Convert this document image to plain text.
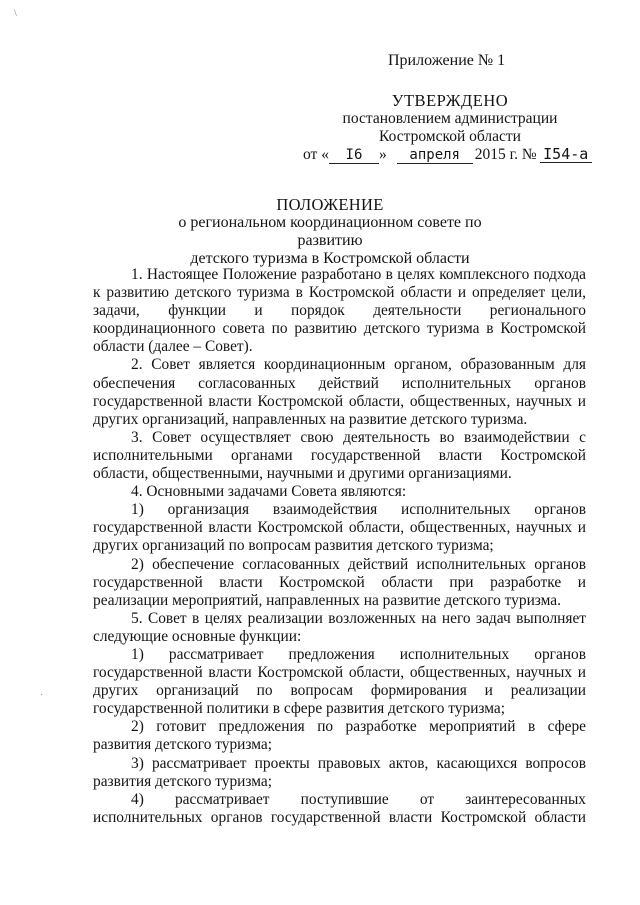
\
·
Приложение № 1
УТВЕРЖДЕНО
постановлением администрации
Костромской области
от « I6 » апреля 2015 г. № I54-а
ПОЛОЖЕНИЕ
о региональном координационном совете по развитию
детского туризма в Костромской области

1. Настоящее Положение разработано в целях комплексного подхода к развитию детского туризма в Костромской области и определяет цели, задачи, функции и порядок деятельности регионального координационного совета по развитию детского туризма в Костромской области (далее – Совет).

2. Совет является координационным органом, образованным для обеспечения согласованных действий исполнительных органов государственной власти Костромской области, общественных, научных и других организаций, направленных на развитие детского туризма.

3. Совет осуществляет свою деятельность во взаимодействии с исполнительными органами государственной власти Костромской области, общественными, научными и другими организациями.

4. Основными задачами Совета являются:

1) организация взаимодействия исполнительных органов государственной власти Костромской области, общественных, научных и других организаций по вопросам развития детского туризма;

2) обеспечение согласованных действий исполнительных органов государственной власти Костромской области при разработке и реализации мероприятий, направленных на развитие детского туризма.

5. Совет в целях реализации возложенных на него задач выполняет следующие основные функции:

1) рассматривает предложения исполнительных органов государственной власти Костромской области, общественных, научных и других организаций по вопросам формирования и реализации государственной политики в сфере развития детского туризма;

2) готовит предложения по разработке мероприятий в сфере развития детского туризма;

3) рассматривает проекты правовых актов, касающихся вопросов развития детского туризма;

4) рассматривает поступившие от заинтересованных исполнительных органов государственной власти Костромской области
